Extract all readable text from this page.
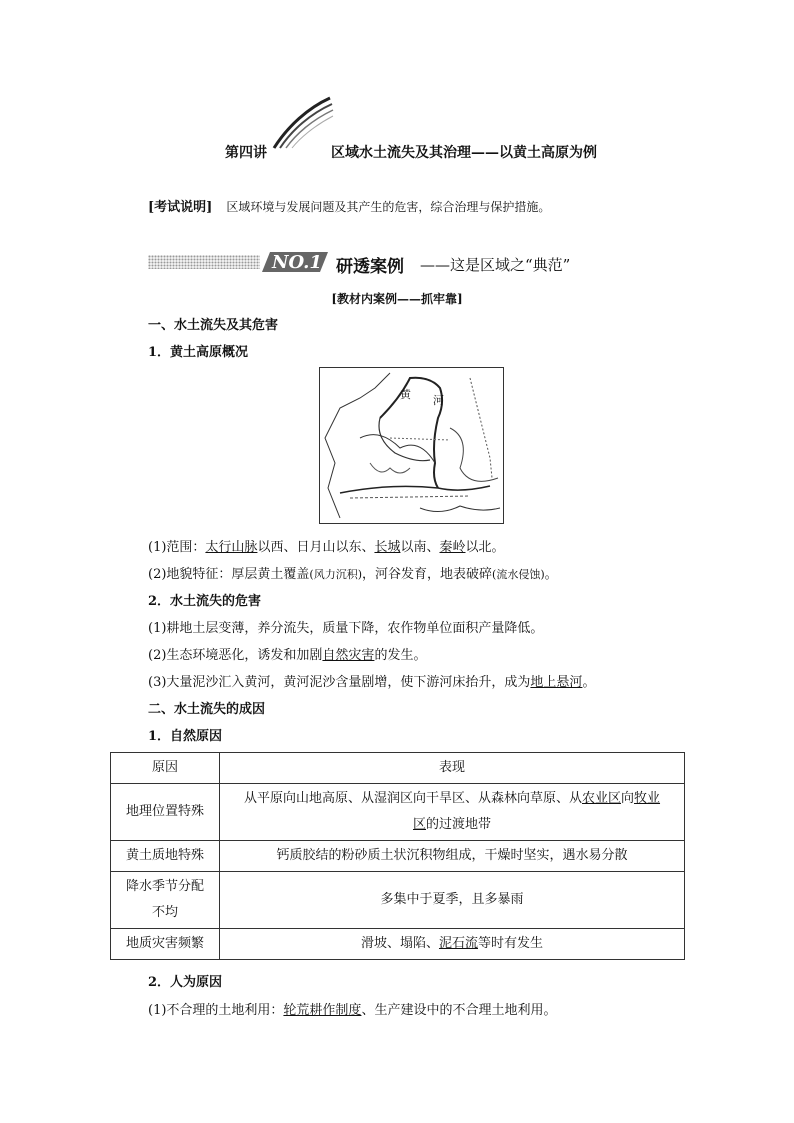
第四讲	区域水土流失及其治理——以黄土高原为例
[考试说明] 区域环境与发展问题及其产生的危害，综合治理与保护措施。
NO.1 研透案例 ——这是区域之“典范”
[教材内案例——抓牢靠]
一、水土流失及其危害
1．黄土高原概况
黄 河
(1)范围：太行山脉以西、日月山以东、长城以南、秦岭以北。
(2)地貌特征：厚层黄土覆盖(风力沉积)，河谷发育，地表破碎(流水侵蚀)。
2．水土流失的危害
(1)耕地土层变薄，养分流失，质量下降，农作物单位面积产量降低。
(2)生态环境恶化，诱发和加剧自然灾害的发生。
(3)大量泥沙汇入黄河，黄河泥沙含量剧增，使下游河床抬升，成为地上悬河。
二、水土流失的成因
1．自然原因
原因	表现
地理位置特殊	从平原向山地高原、从湿润区向干旱区、从森林向草原、从农业区向牧业
区的过渡地带
黄土质地特殊	钙质胶结的粉砂质土状沉积物组成，干燥时坚实，遇水易分散
降水季节分配
不均	多集中于夏季，且多暴雨
地质灾害频繁	滑坡、塌陷、泥石流等时有发生
2．人为原因
(1)不合理的土地利用：轮荒耕作制度、生产建设中的不合理土地利用。
